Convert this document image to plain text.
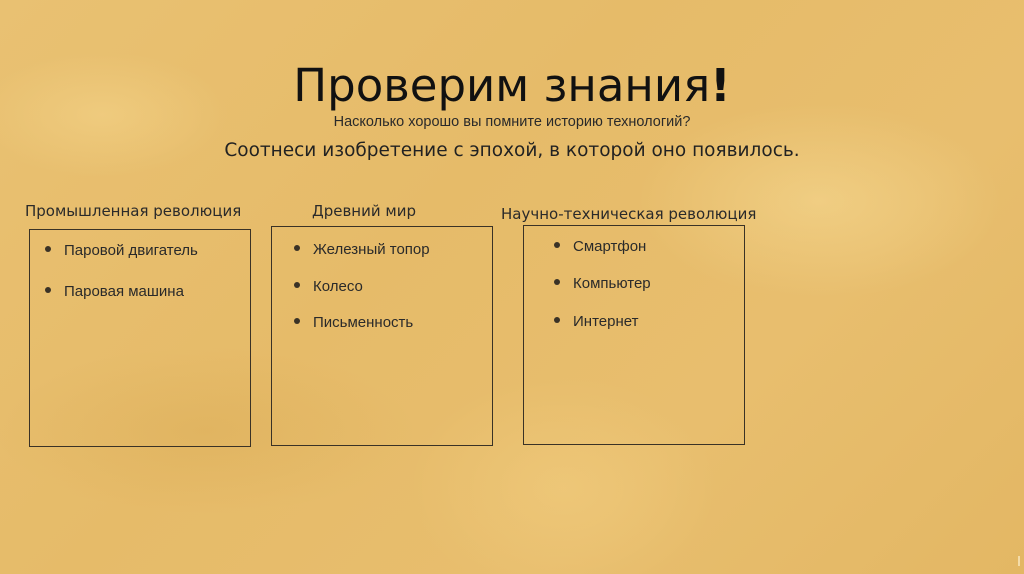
Проверим знания!
Насколько хорошо вы помните историю технологий?
Соотнеси изобретение с эпохой, в которой оно появилось.
Промышленная революция
Паровой двигатель
Паровая машина
Древний мир
Железный топор
Колесо
Письменность
Научно-техническая революция
Смартфон
Компьютер
Интернет
